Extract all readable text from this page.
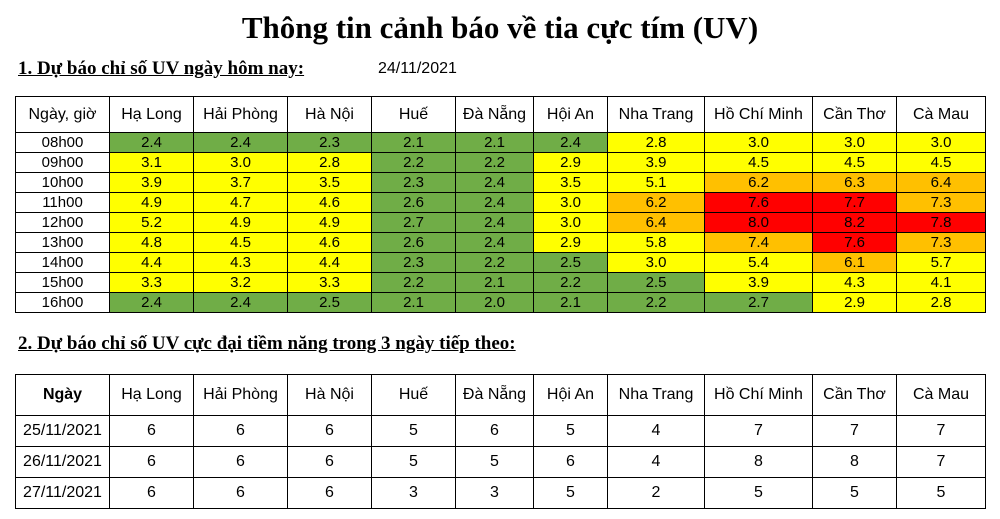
Thông tin cảnh báo về tia cực tím (UV)
1. Dự báo chỉ số UV ngày hôm nay:	24/11/2021
Ngày, giờ	Hạ Long	Hải Phòng	Hà Nội	Huế	Đà Nẵng	Hội An	Nha Trang	Hồ Chí Minh	Cần Thơ	Cà Mau
08h00	2.4	2.4	2.3	2.1	2.1	2.4	2.8	3.0	3.0	3.0
09h00	3.1	3.0	2.8	2.2	2.2	2.9	3.9	4.5	4.5	4.5
10h00	3.9	3.7	3.5	2.3	2.4	3.5	5.1	6.2	6.3	6.4
11h00	4.9	4.7	4.6	2.6	2.4	3.0	6.2	7.6	7.7	7.3
12h00	5.2	4.9	4.9	2.7	2.4	3.0	6.4	8.0	8.2	7.8
13h00	4.8	4.5	4.6	2.6	2.4	2.9	5.8	7.4	7.6	7.3
14h00	4.4	4.3	4.4	2.3	2.2	2.5	3.0	5.4	6.1	5.7
15h00	3.3	3.2	3.3	2.2	2.1	2.2	2.5	3.9	4.3	4.1
16h00	2.4	2.4	2.5	2.1	2.0	2.1	2.2	2.7	2.9	2.8
2. Dự báo chỉ số UV cực đại tiềm năng trong 3 ngày tiếp theo:
Ngày	Hạ Long	Hải Phòng	Hà Nội	Huế	Đà Nẵng	Hội An	Nha Trang	Hồ Chí Minh	Cần Thơ	Cà Mau
25/11/2021	6	6	6	5	6	5	4	7	7	7
26/11/2021	6	6	6	5	5	6	4	8	8	7
27/11/2021	6	6	6	3	3	5	2	5	5	5
